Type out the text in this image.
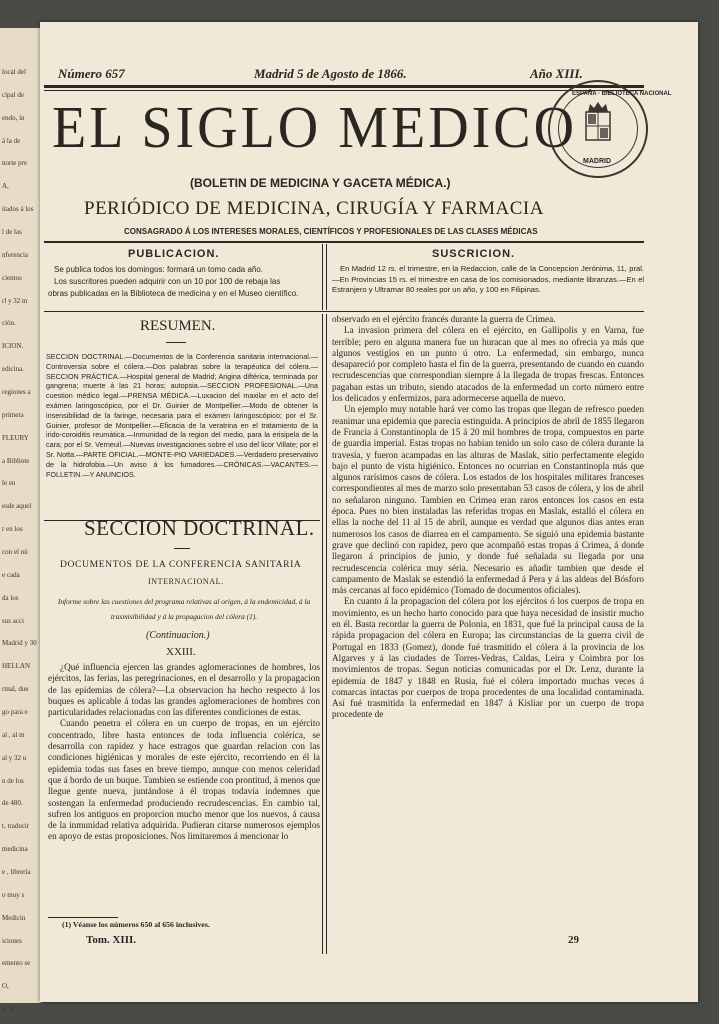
local del
cipal de
endo, in
á la de
norte pre
A,
itados á los
l de las
nferencia
cientos
rl y 32 m
ción.
ICION.
edicina.
regiones a
primera
FLEURY
a Bibliote
le en
esde aquel
r en los
con el nú
e cada
da los
sus acci
Madrid y 30
HELLAN
rmal, due
go para e
al , al m
al y 32 u
n de los
de 480.
t, traducir
medicina
e , librería
o muy s
Medicin
iciones
emento se
O,
o, 4.
Número 657	Madrid 5 de Agosto de 1866.	Año XIII.
EL SIGLO MEDICO
ESPAÑA · BIBLIOTECA NACIONAL
MADRID
(BOLETIN DE MEDICINA Y GACETA MÉDICA.)
PERIÓDICO DE MEDICINA, CIRUGÍA Y FARMACIA
CONSAGRADO Á LOS INTERESES MORALES, CIENTÍFICOS Y PROFESIONALES DE LAS CLASES MÉDICAS
PUBLICACION.
Se publica todos los domingos: formará un tomo cada año.
Los suscritores pueden adquirir con un 10 por 100 de rebaja las
obras publicadas en la Biblioteca de medicina y en el Museo científico.
SUSCRICION.
En Madrid 12 rs. el trimestre, en la Redaccion, calle de la Concepcion Jerónima, 11, pral.—En Provincias 15 rs. el trimestre en casa de los comisionados, mediante libranzas.—En el Estranjero y Ultramar 80 reales por un año, y 100 en Filipinas.
RESUMEN.
SECCION DOCTRINAL.—Documentos de la Conferencia sanitaria internacional.—Controversia sobre el cólera.—Dos palabras sobre la terapéutica del cólera.—SECCION PRÁCTICA.—Hospital general de Madrid; Angina diftérica, terminada por gangrena; muerte á las 21 horas; autopsia.—SECCION PROFESIONAL.—Una cuestion médico legal.—PRENSA MÉDICA.—Luxacion del maxilar en el acto del exámen laringoscópico, por el Dr. Guinier de Montpellier.—Modo de obtener la insensibilidad de la faringe, necesaria para el exámen laringoscópico; por el Sr. Guinier, profesor de Montpellier.—Eficacia de la veratrina en el tratamiento de la irido-coroiditis reumática.—Inmunidad de la region del medio, para la erisipela de la cara; por el Sr. Verneuil.—Nuevas investigaciones sobre el uso del licor Villate; por el Sr. Notta.—PARTE OFICIAL.—MONTE-PIO VARIEDADES.—Verdadero preservativo de la hidrofobia.—Un aviso á los fumadores.—CRÓNICAS.—VACANTES.—FOLLETIN.—Y ANUNCIOS.
SECCION DOCTRINAL.
DOCUMENTOS DE LA CONFERENCIA SANITARIA
INTERNACIONAL.
Informe sobre las cuestiones del programa relativas al origen, á la endemicidad, á la trasmisibilidad y á la propagacion del cólera (1).
(Continuacion.)
XXIII.

¿Qué influencia ejercen las grandes aglomeraciones de hombres, los ejércitos, las ferias, las peregrinaciones, en el desarrollo y la propagacion de las epidemias de cólera?—La observacion ha hecho respecto á los buques es aplicable á todas las grandes aglomeraciones de hombres con particularidades relacionadas con las diferentes condiciones de estas.

Cuando penetra el cólera en un cuerpo de tropas, en un ejército concentrado, libre hasta entonces de toda influencia colérica, se desarrolla con rapidez y hace estragos que guardan relacion con las condiciones higiénicas y morales de este ejército, recorriendo en él la epidemia todas sus fases en breve tiempo, aunque con menos celeridad que á bordo de un buque. Tambien se estiende con prontitud, á menos que llegue gente nueva, juntándose á él tropas todavía indemnes que sostengan la enfermedad produciendo recrudescencias. En cambio tal, sufren los antiguos en proporcion mucho menor que los nuevos, á causa de la inmunidad relativa adquirida. Pudieran citarse numerosos ejemplos en apoyo de estas proposiciones. Nos limitaremos á mencionar lo

(1) Véanse los números 650 al 656 inclusives.

observado en el ejército francés durante la guerra de Crimea.

La invasion primera del cólera en el ejército, en Gallípolis y en Varna, fue terrible; pero en alguna manera fue un huracan que al mes no ofrecia ya más que algunos vestigios en un punto ú otro. La enfermedad, sin embargo, nunca desapareció por completo hasta el fin de la guerra, presentando de cuando en cuando recrudescencias que correspondian siempre á la llegada de tropas frescas. Entonces pagaban estas un tributo, siendo atacados de la enfermedad un corto número entre los delicados y enfermizos, para adormecerse aquella de nuevo.

Un ejemplo muy notable hará ver como las tropas que llegan de refresco pueden reanimar una epidemia que parecia estinguida. A principios de abril de 1855 llegaron de Francia á Constantinopla de 15 á 20 mil hombres de tropa, compuestos en parte de guardia imperial. Estas tropas no habian tenido un solo caso de cólera durante la travesía, y fueron acampadas en las alturas de Maslak, sitio perfectamente elegido bajo el punto de vista higiénico. Entonces no ocurrian en Constantinopla más que algunos rarísimos casos de cólera. Los estados de los hospitales militares franceses correspondientes al mes de marzo solo presentaban 53 casos de cólera, y los de abril no señalaron ninguno. Tambien en Crimea eran raros entonces los casos en esta época. Pues no bien instaladas las referidas tropas en Maslak, estalló el cólera en ellas la noche del 11 al 15 de abril, aunque es verdad que algunos dias antes eran numerosos los casos de diarrea en el campamento. Se siguió una epidemia bastante grave que declinó con rapidez, pero que acompañó estas tropas á Crimea, á donde llegaron á principios de junio, y donde fué señalada su llegada por una recrudescencia colérica muy séria. Necesario es añadir tambien que desde el campamento de Maslak se estendió la enfermedad á Pera y á las aldeas del Bósforo más cercanas al foco epidémico (Tomado de documentos oficiales).

En cuanto á la propagacion del cólera por los ejércitos ó los cuerpos de tropa en movimiento, es un hecho harto conocido para que haya necesidad de insistir mucho en él. Basta recordar la guerra de Polonia, en 1831, que fué la principal causa de la rápida propagacion del cólera en Europa; las circunstancias de la guerra civil de Portugal en 1833 (Gomez), donde fué trasmitido el cólera á la provincia de los Algarves y á las ciudades de Torres-Vedras, Caldas, Leira y Coimbra por los movimientos de tropas. Segun noticias comunicadas por el Dr. Lenz, durante la epidemia de 1847 y 1848 en Rusia, fué el cólera importado muchas veces á comarcas intactas por cuerpos de tropa procedentes de una localidad contaminada. Así fué trasmitida la enfermedad en 1847 á Kisliar por un cuerpo de tropa procedente de

Tom. XIII.	29
